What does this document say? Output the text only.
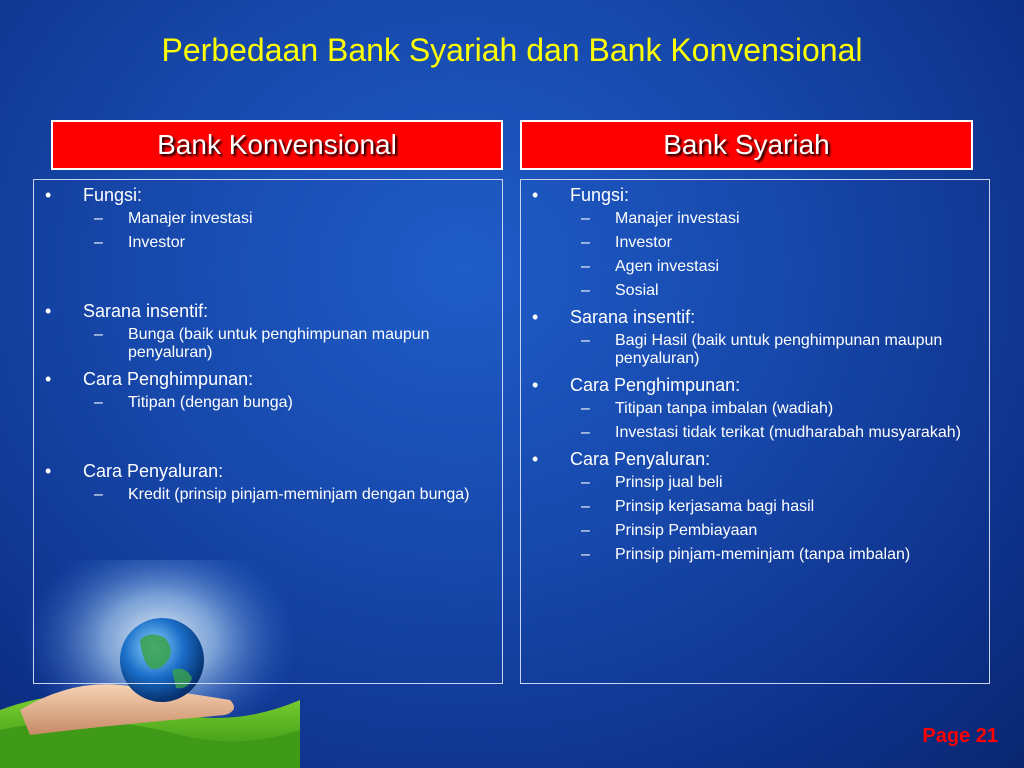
Perbedaan Bank Syariah dan Bank Konvensional
Bank Konvensional	Bank Syariah
• Fungsi:
– Manajer investasi
– Investor
• Sarana insentif:
– Bunga (baik untuk penghimpunan maupun penyaluran)
• Cara Penghimpunan:
– Titipan (dengan bunga)
• Cara Penyaluran:
– Kredit (prinsip pinjam-meminjam dengan bunga)
• Fungsi:
– Manajer investasi
– Investor
– Agen investasi
– Sosial
• Sarana insentif:
– Bagi Hasil (baik untuk penghimpunan maupun penyaluran)
• Cara Penghimpunan:
– Titipan tanpa imbalan (wadiah)
– Investasi tidak terikat (mudharabah musyarakah)
• Cara Penyaluran:
– Prinsip jual beli
– Prinsip kerjasama bagi hasil
– Prinsip Pembiayaan
– Prinsip pinjam-meminjam (tanpa imbalan)
Page 21
